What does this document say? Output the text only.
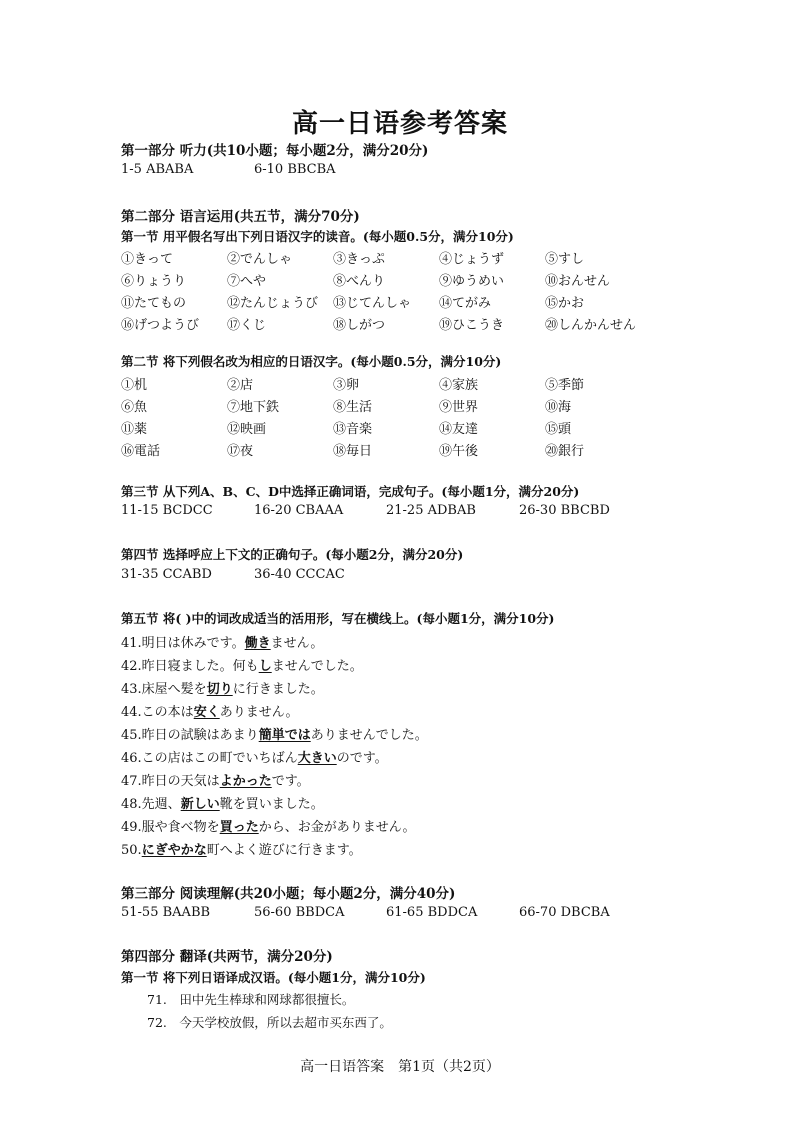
高一日语参考答案
第一部分 听力(共10小题；每小题2分，满分20分)
1-5 ABABA	6-10 BBCBA
第二部分 语言运用(共五节，满分70分)
第一节 用平假名写出下列日语汉字的读音。(每小题0.5分，满分10分)
①きって	②でんしゃ	③きっぷ	④じょうず	⑤すし
⑥りょうり	⑦へや	⑧べんり	⑨ゆうめい	⑩おんせん
⑪たてもの	⑫たんじょうび ⑬じてんしゃ ⑭てがみ	⑮かお
⑯げつようび ⑰くじ	⑱しがつ	⑲ひこうき	⑳しんかんせん
第二节 将下列假名改为相应的日语汉字。(每小题0.5分，满分10分)
①机	②店	③卵	④家族	⑤季節
⑥魚	⑦地下鉄	⑧生活	⑨世界	⑩海
⑪薬	⑫映画	⑬音楽	⑭友達	⑮頭
⑯電話	⑰夜	⑱毎日	⑲午後	⑳銀行
第三节 从下列A、B、C、D中选择正确词语，完成句子。(每小题1分，满分20分)
11-15 BCDCC	16-20 CBAAA	21-25 ADBAB	26-30 BBCBD
第四节 选择呼应上下文的正确句子。(每小题2分，满分20分)
31-35 CCABD	36-40 CCCAC
第五节 将( )中的词改成适当的活用形，写在横线上。(每小题1分，满分10分)
41.明日は休みです。働きません。
42.昨日寝ました。何もしませんでした。
43.床屋へ髪を切りに行きました。
44.この本は安くありません。
45.昨日の試験はあまり簡単ではありませんでした。
46.この店はこの町でいちばん大きいのです。
47.昨日の天気はよかったです。
48.先週、新しい靴を買いました。
49.服や食べ物を買ったから、お金がありません。
50.にぎやかな町へよく遊びに行きます。
第三部分 阅读理解(共20小题；每小题2分，满分40分)
51-55 BAABB	56-60 BBDCA	61-65 BDDCA	66-70 DBCBA
第四部分 翻译(共两节，满分20分)
第一节 将下列日语译成汉语。(每小题1分，满分10分)
71.　田中先生棒球和网球都很擅长。
72.　今天学校放假，所以去超市买东西了。
高一日语答案　第1页（共2页）
